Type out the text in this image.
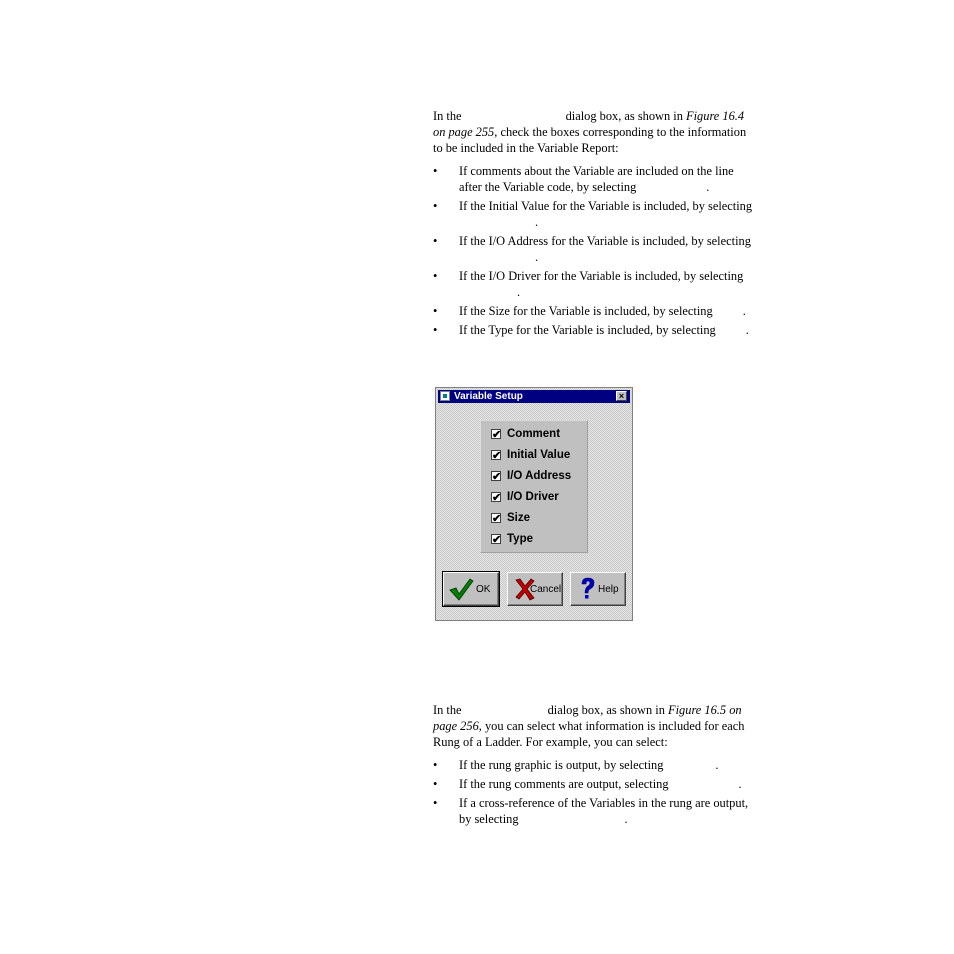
In the	dialog box, as shown in Figure 16.4 on page 255, check the boxes corresponding to the information to be included in the Variable Report:
• If comments about the Variable are included on the line after the Variable code, by selecting	.
• If the Initial Value for the Variable is included, by selecting.
• If the I/O Address for the Variable is included, by selecting.
• If the I/O Driver for the Variable is included, by selecting.
• If the Size for the Variable is included, by selecting .
• If the Type for the Variable is included, by selecting .
Variable Setup	×
✔ Comment
✔ Initial Value
✔ I/O Address
✔ I/O Driver
✔ Size
✔ Type
OK	Cancel	Help
In the	dialog box, as shown in Figure 16.5 on page 256, you can select what information is included for each Rung of a Ladder. For example, you can select:
• If the rung graphic is output, by selecting	.
• If the rung comments are output, selecting	.
• If a cross-reference of the Variables in the rung are output, by selecting	.
